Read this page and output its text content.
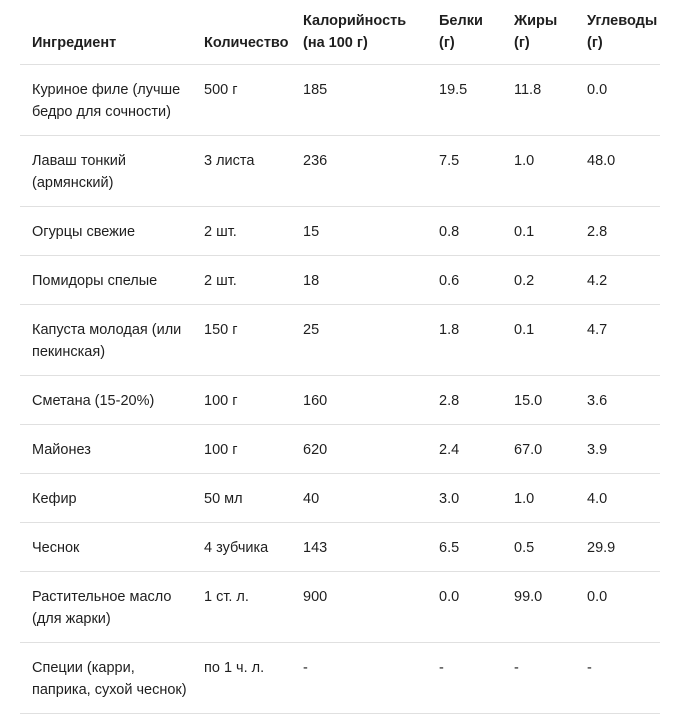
Ингредиент	Количество	Калорийность (на 100 г)	Белки (г)	Жиры (г)	Углеводы (г)
Куриное филе (лучше бедро для сочности)	500 г	185	19.5	11.8	0.0
Лаваш тонкий (армянский)	3 листа	236	7.5	1.0	48.0
Огурцы свежие	2 шт.	15	0.8	0.1	2.8
Помидоры спелые	2 шт.	18	0.6	0.2	4.2
Капуста молодая (или пекинская)	150 г	25	1.8	0.1	4.7
Сметана (15-20%)	100 г	160	2.8	15.0	3.6
Майонез	100 г	620	2.4	67.0	3.9
Кефир	50 мл	40	3.0	1.0	4.0
Чеснок	4 зубчика	143	6.5	0.5	29.9
Растительное масло (для жарки)	1 ст. л.	900	0.0	99.0	0.0
Специи (карри, паприка, сухой чеснок)	по 1 ч. л.	-	-	-	-
